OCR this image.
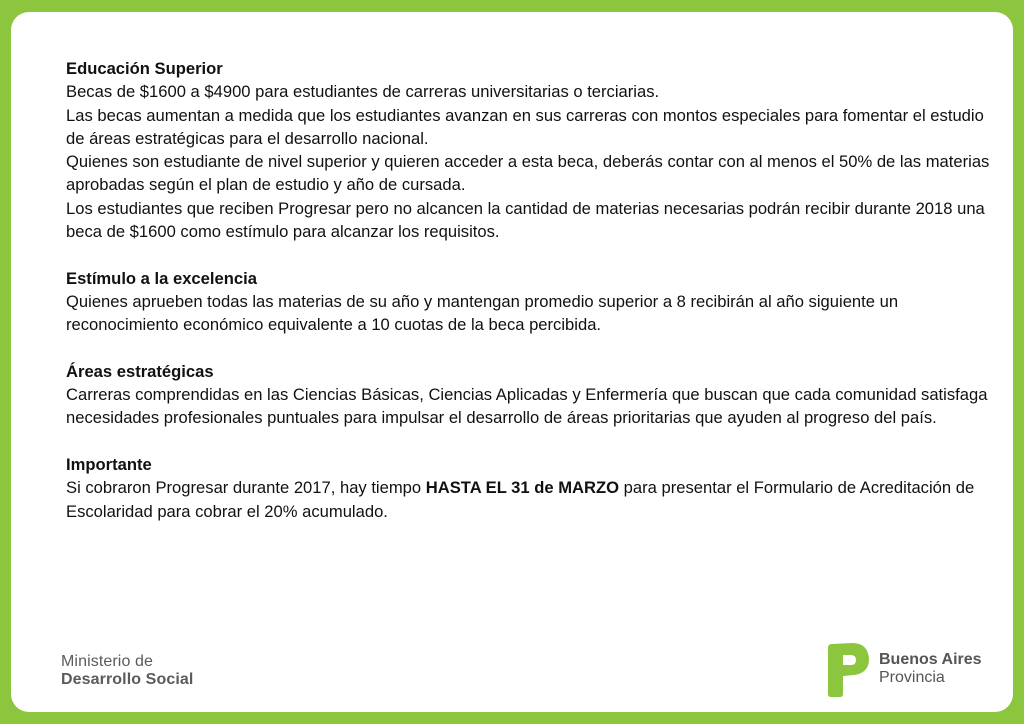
Educación Superior
Becas de $1600 a $4900 para estudiantes de carreras universitarias o terciarias.
Las becas aumentan a medida que los estudiantes avanzan en sus carreras con montos especiales para fomentar el estudio de áreas estratégicas para el desarrollo nacional.
Quienes son estudiante de nivel superior y quieren acceder a esta beca, deberás contar con al menos el 50% de las materias aprobadas según el plan de estudio y año de cursada.
Los estudiantes que reciben Progresar pero no alcancen la cantidad de materias necesarias podrán recibir durante 2018 una beca de $1600 como estímulo para alcanzar los requisitos.
Estímulo a la excelencia
Quienes aprueben todas las materias de su año y mantengan promedio superior a 8 recibirán al año siguiente un reconocimiento económico equivalente a 10 cuotas de la beca percibida.
Áreas estratégicas
Carreras comprendidas en las Ciencias Básicas, Ciencias Aplicadas y Enfermería que buscan que cada comunidad satisfaga necesidades profesionales puntuales para impulsar el desarrollo de áreas prioritarias que ayuden al progreso del país.
Importante
Si cobraron Progresar durante 2017, hay tiempo HASTA EL 31 de MARZO para presentar el Formulario de Acreditación de Escolaridad para cobrar el 20% acumulado.
Ministerio de
Desarrollo Social
Buenos Aires
Provincia
